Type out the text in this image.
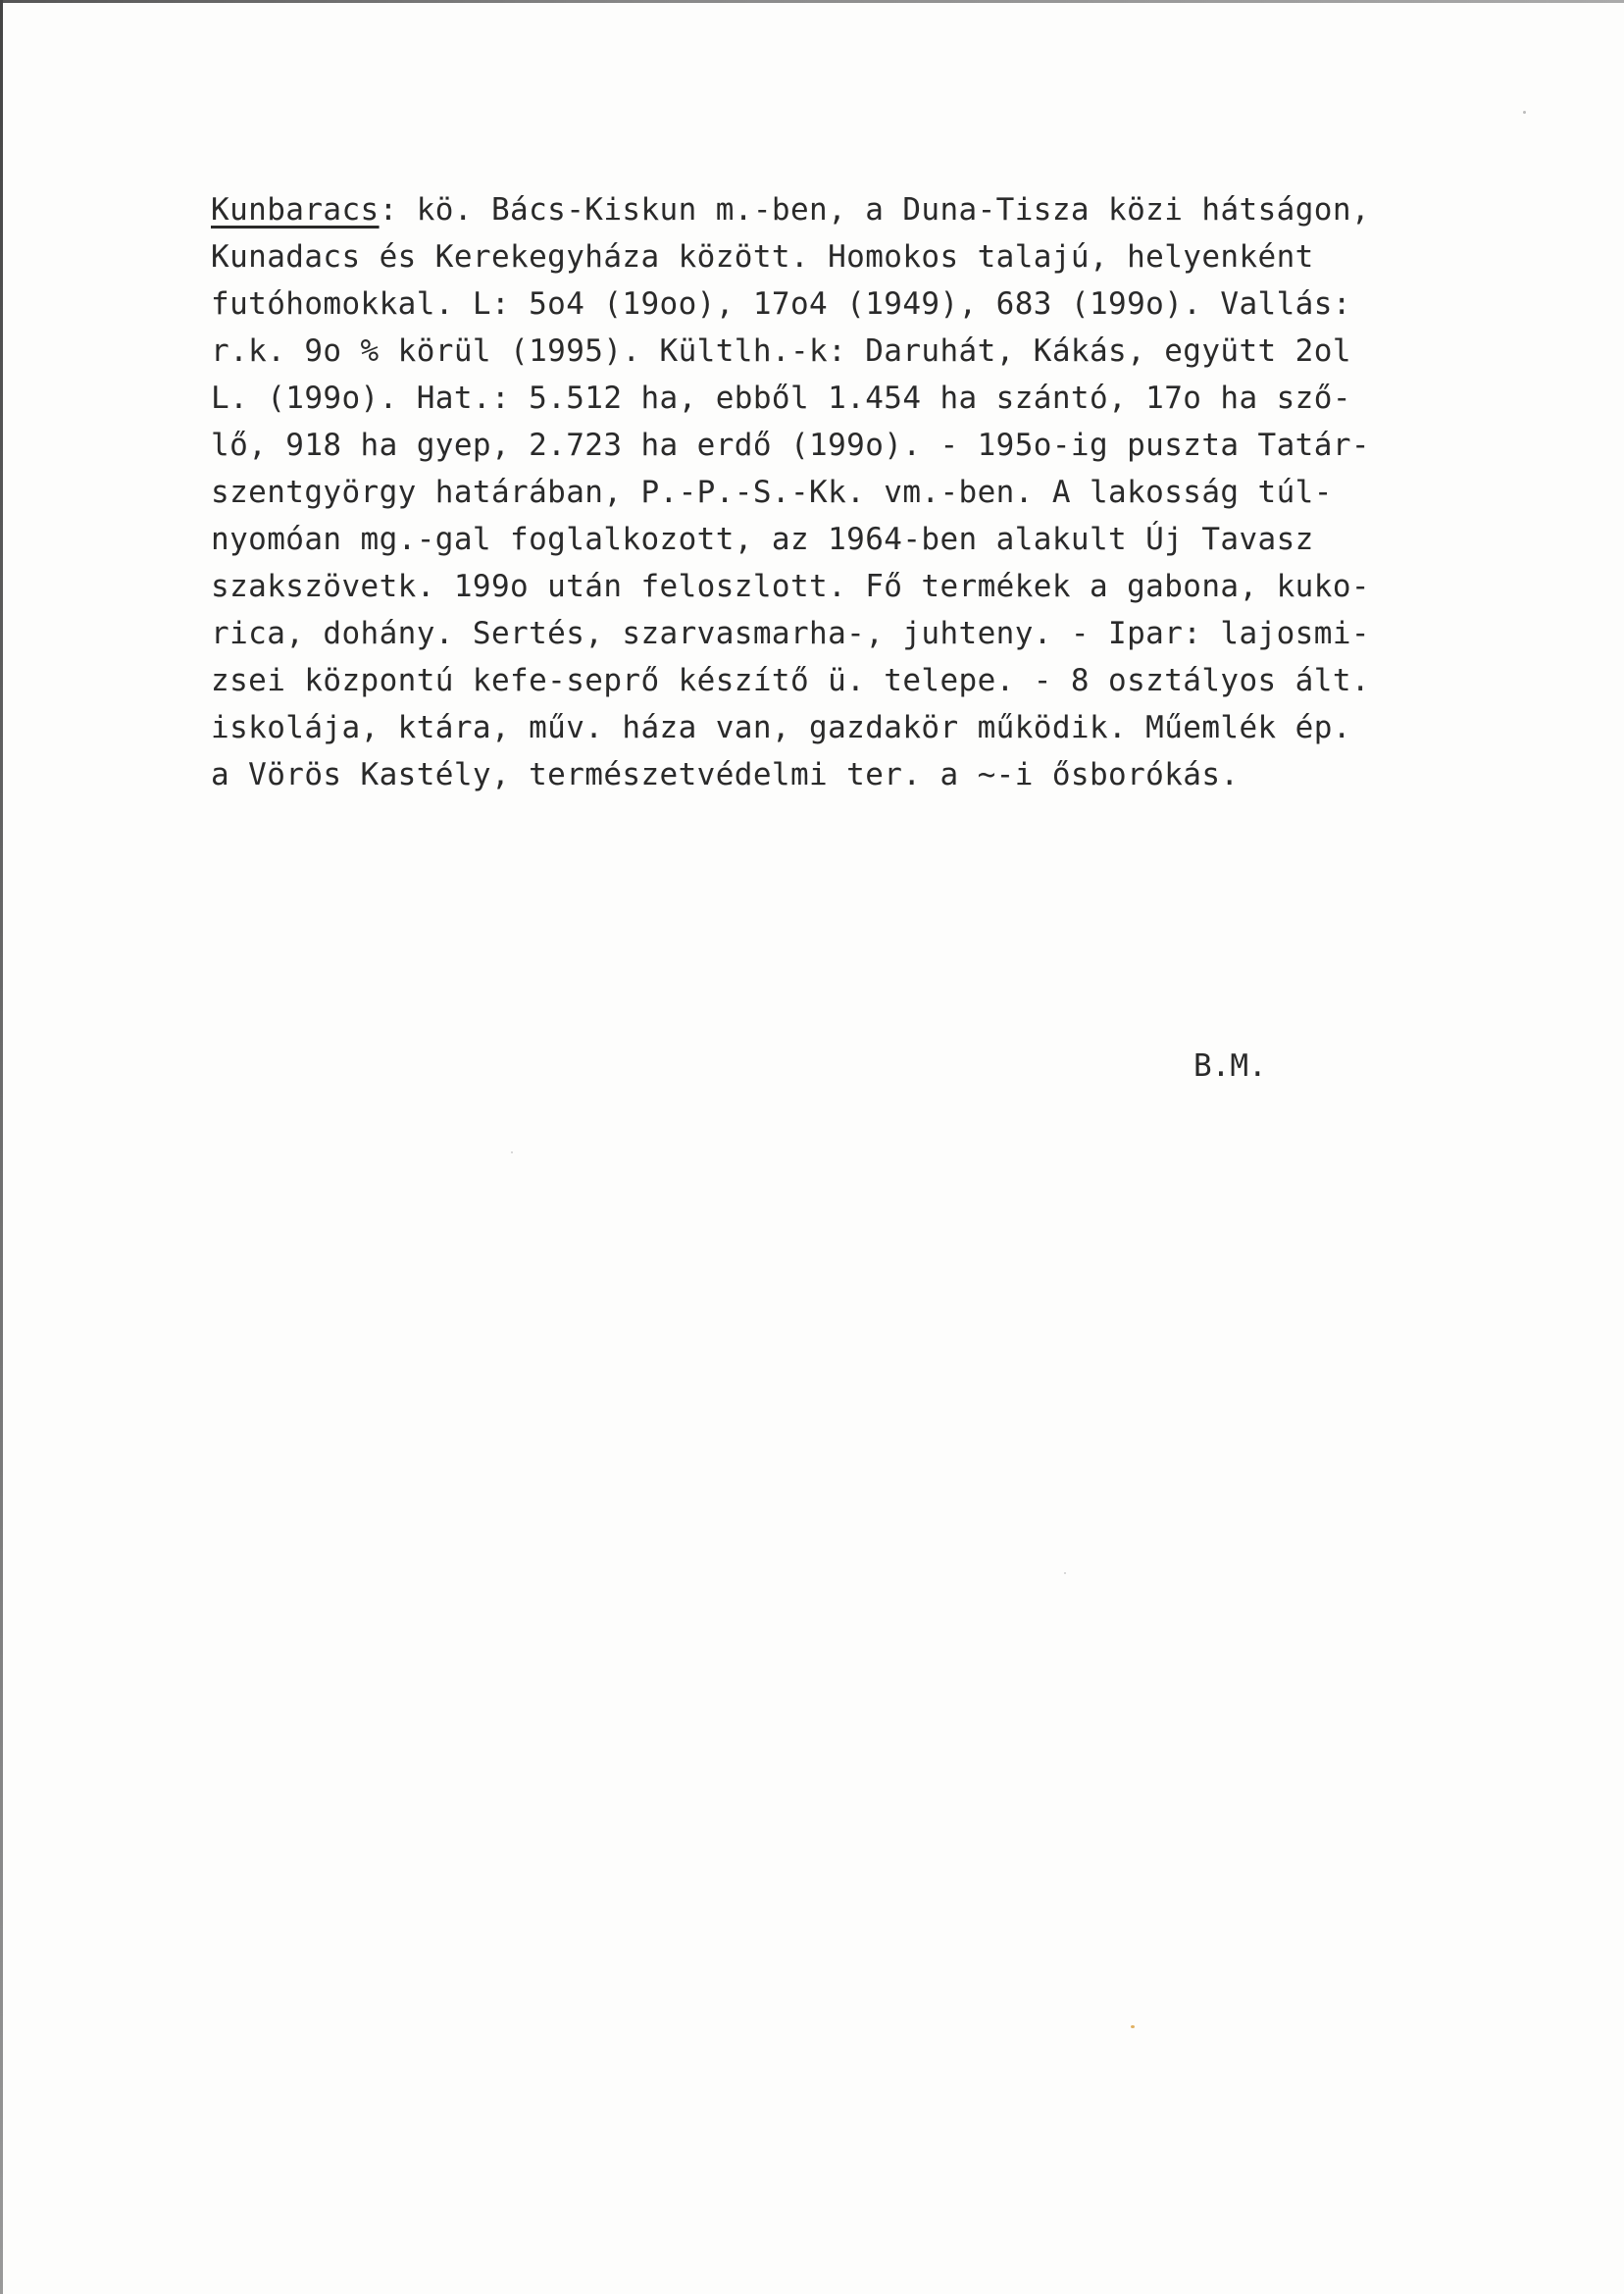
Kunbaracs: kö. Bács-Kiskun m.-ben, a Duna-Tisza közi hátságon,
Kunadacs és Kerekegyháza között. Homokos talajú, helyenként
futóhomokkal. L: 5o4 (19oo), 17o4 (1949), 683 (199o). Vallás:
r.k. 9o % körül (1995). Kültlh.-k: Daruhát, Kákás, együtt 2ol
L. (199o). Hat.: 5.512 ha, ebből 1.454 ha szántó, 17o ha sző-
lő, 918 ha gyep, 2.723 ha erdő (199o). - 195o-ig puszta Tatár-
szentgyörgy határában, P.-P.-S.-Kk. vm.-ben. A lakosság túl-
nyomóan mg.-gal foglalkozott, az 1964-ben alakult Új Tavasz
szakszövetk. 199o után feloszlott. Fő termékek a gabona, kuko-
rica, dohány. Sertés, szarvasmarha-, juhteny. - Ipar: lajosmi-
zsei központú kefe-seprő készítő ü. telepe. - 8 osztályos ált.
iskolája, ktára, műv. háza van, gazdakör működik. Műemlék ép.
a Vörös Kastély, természetvédelmi ter. a ~-i ősborókás.
B.M.
